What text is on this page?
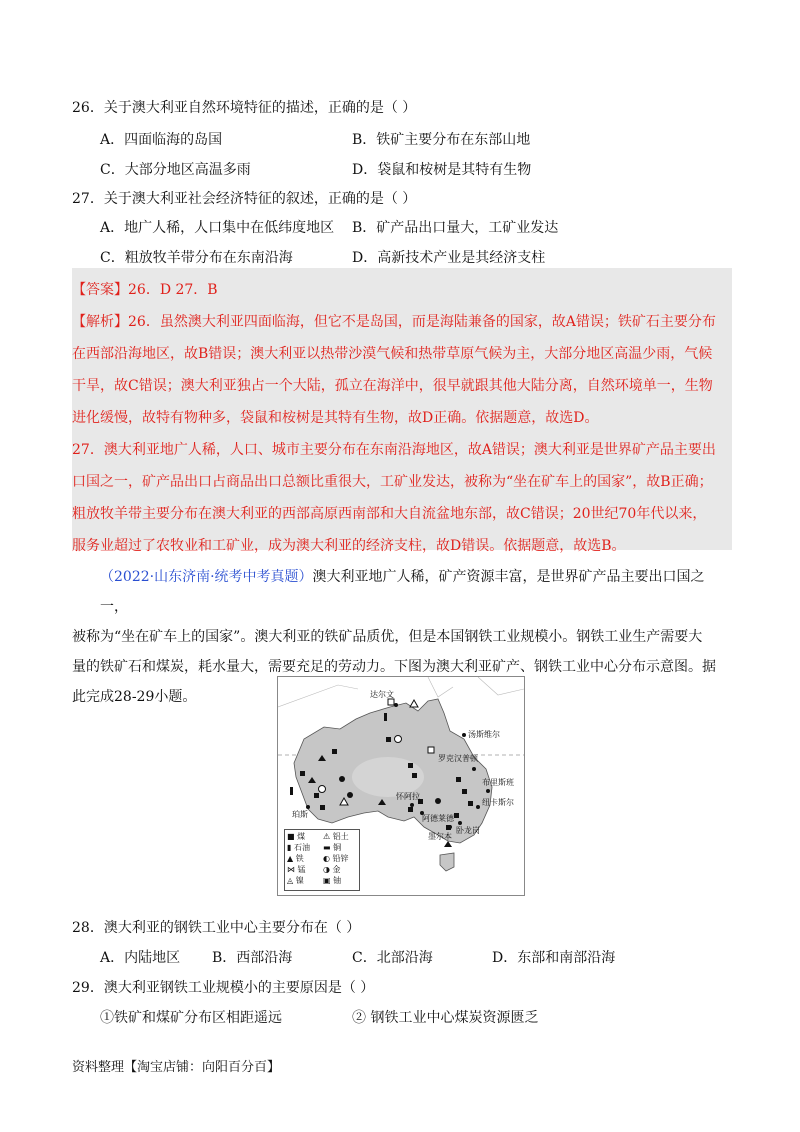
26．关于澳大利亚自然环境特征的描述，正确的是（ ）
A．四面临海的岛国	B．铁矿主要分布在东部山地
C．大部分地区高温多雨	D．袋鼠和桉树是其特有生物
27．关于澳大利亚社会经济特征的叙述，正确的是（ ）
A．地广人稀，人口集中在低纬度地区 B．矿产品出口量大，工矿业发达
C．粗放牧羊带分布在东南沿海	D．高新技术产业是其经济支柱
【答案】26．D 27．B
【解析】26．虽然澳大利亚四面临海，但它不是岛国，而是海陆兼备的国家，故A错误；铁矿石主要分布
在西部沿海地区，故B错误；澳大利亚以热带沙漠气候和热带草原气候为主，大部分地区高温少雨，气候
干旱，故C错误；澳大利亚独占一个大陆，孤立在海洋中，很早就跟其他大陆分离，自然环境单一，生物
进化缓慢，故特有物种多，袋鼠和桉树是其特有生物，故D正确。依据题意，故选D。
27．澳大利亚地广人稀，人口、城市主要分布在东南沿海地区，故A错误；澳大利亚是世界矿产品主要出
口国之一，矿产品出口占商品出口总额比重很大，工矿业发达，被称为“坐在矿车上的国家”，故B正确；
粗放牧羊带主要分布在澳大利亚的西部高原西南部和大自流盆地东部，故C错误；20世纪70年代以来，
服务业超过了农牧业和工矿业，成为澳大利亚的经济支柱，故D错误。依据题意，故选B。
（2022·山东济南·统考中考真题）澳大利亚地广人稀，矿产资源丰富，是世界矿产品主要出口国之一，
被称为“坐在矿车上的国家”。澳大利亚的铁矿品质优，但是本国钢铁工业规模小。钢铁工业生产需要大
量的铁矿石和煤炭，耗水量大，需要充足的劳动力。下图为澳大利亚矿产、钢铁工业中心分布示意图。据
此完成28-29小题。	达尔文
汤斯维尔
罗克汉普顿
布里斯班
纽卡斯尔
阿德莱德
怀阿拉
珀斯
墨尔本
卧龙岗
■ 煤	⚠ 铝土
▮ 石油	▬ 铜
▲ 铁	◐ 铅锌
⋈ 锰	◑ 金
◬ 镍	▣ 铀
28．澳大利亚的钢铁工业中心主要分布在（ ）
A．内陆地区 B．西部沿海	C．北部沿海	D．东部和南部沿海
29．澳大利亚钢铁工业规模小的主要原因是（ ）
①铁矿和煤矿分布区相距遥远	② 钢铁工业中心煤炭资源匮乏
资料整理【淘宝店铺：向阳百分百】
